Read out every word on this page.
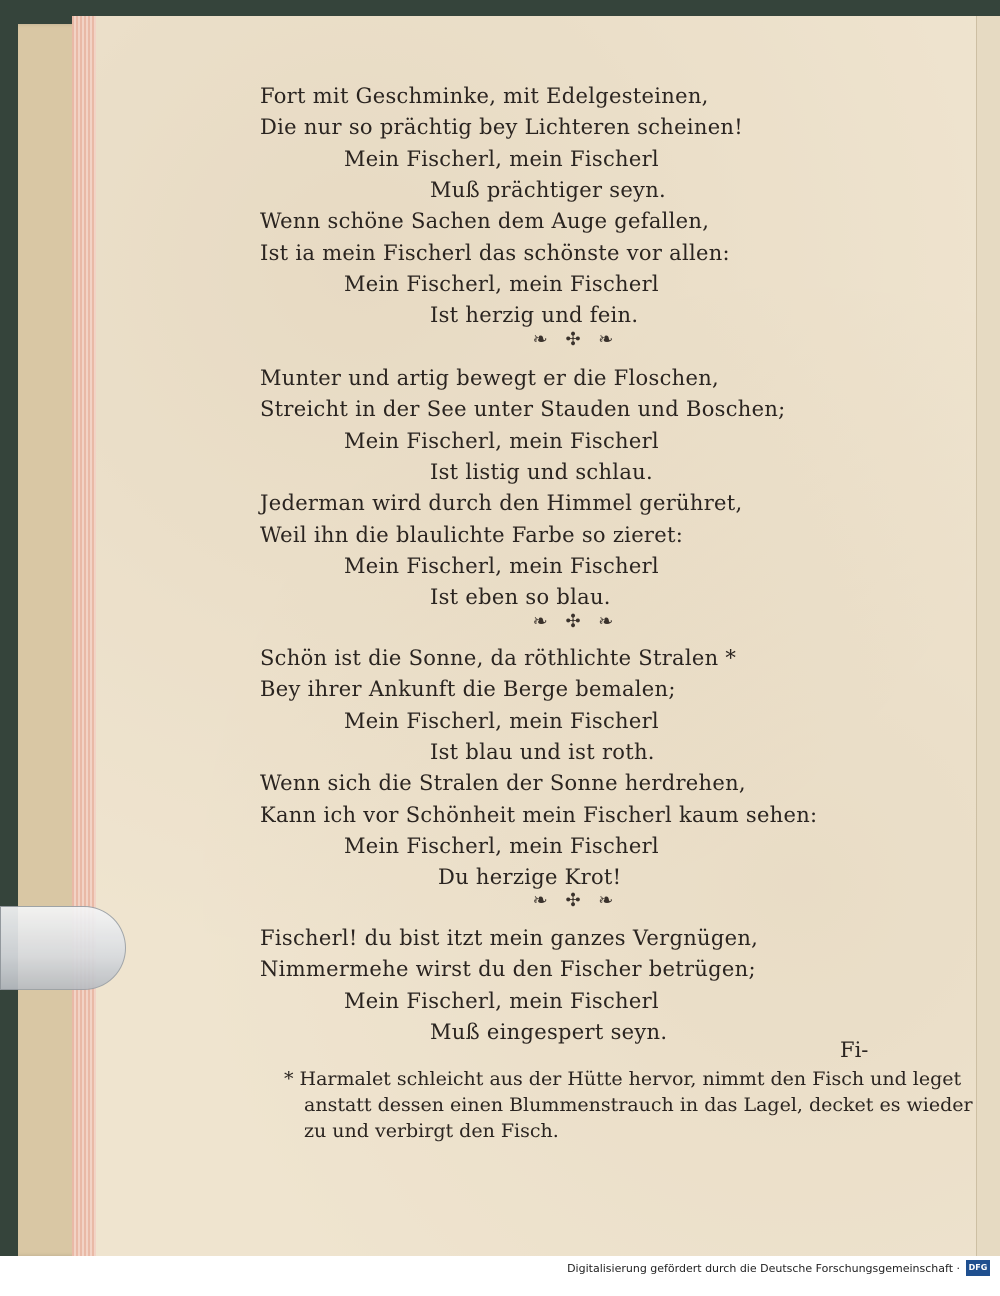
Fort mit Geschminke, mit Edelgesteinen,
Die nur so prächtig bey Lichteren scheinen!
Mein Fischerl, mein Fischerl
Muß prächtiger seyn.
Wenn schöne Sachen dem Auge gefallen,
Ist ia mein Fischerl das schönste vor allen:
Mein Fischerl, mein Fischerl
Ist herzig und fein.
Munter und artig bewegt er die Floschen,
Streicht in der See unter Stauden und Boschen;
Mein Fischerl, mein Fischerl
Ist listig und schlau.
Jederman wird durch den Himmel gerühret,
Weil ihn die blaulichte Farbe so zieret:
Mein Fischerl, mein Fischerl
Ist eben so blau.
Schön ist die Sonne, da röthlichte Stralen *
Bey ihrer Ankunft die Berge bemalen;
Mein Fischerl, mein Fischerl
Ist blau und ist roth.
Wenn sich die Stralen der Sonne herdrehen,
Kann ich vor Schönheit mein Fischerl kaum sehen:
Mein Fischerl, mein Fischerl
Du herzige Krot!
Fischerl! du bist itzt mein ganzes Vergnügen,
Nimmermehe wirst du den Fischer betrügen;
Mein Fischerl, mein Fischerl
Muß eingespert seyn.
❧ ✣ ❧
❧ ✣ ❧
❧ ✣ ❧
Fi-
* Harmalet schleicht aus der Hütte hervor, nimmt den Fisch und leget
anstatt dessen einen Blummenstrauch in das Lagel, decket es wieder
zu und verbirgt den Fisch.
Digitalisierung gefördert durch die Deutsche Forschungsgemeinschaft ·	DFG
